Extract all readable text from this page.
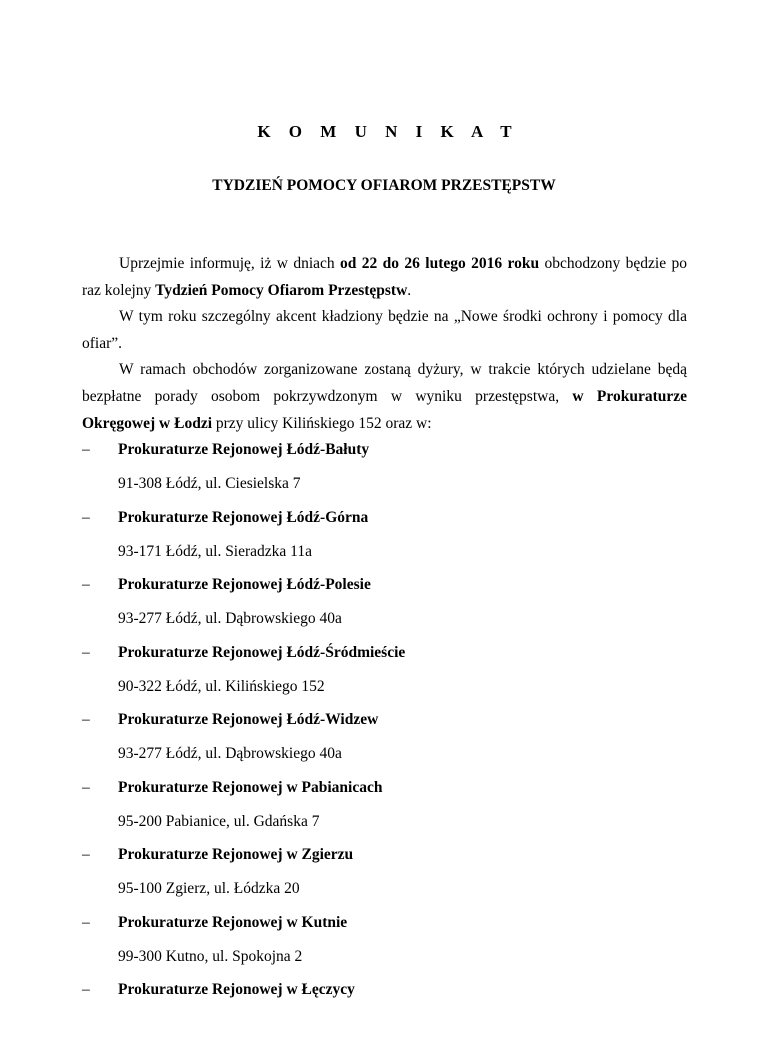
K O M U N I K A T
TYDZIEŃ POMOCY OFIAROM PRZESTĘPSTW

Uprzejmie informuję, iż w dniach od 22 do 26 lutego 2016 roku obchodzony będzie po raz kolejny Tydzień Pomocy Ofiarom Przestępstw.

W tym roku szczególny akcent kładziony będzie na „Nowe środki ochrony i pomocy dla ofiar”.

W ramach obchodów zorganizowane zostaną dyżury, w trakcie których udzielane będą bezpłatne porady osobom pokrzywdzonym w wyniku przestępstwa, w Prokuraturze Okręgowej w Łodzi przy ulicy Kilińskiego 152 oraz w:

– Prokuraturze Rejonowej Łódź-Bałuty
91-308 Łódź, ul. Ciesielska 7
– Prokuraturze Rejonowej Łódź-Górna
93-171 Łódź, ul. Sieradzka 11a
– Prokuraturze Rejonowej Łódź-Polesie
93-277 Łódź, ul. Dąbrowskiego 40a
– Prokuraturze Rejonowej Łódź-Śródmieście
90-322 Łódź, ul. Kilińskiego 152
– Prokuraturze Rejonowej Łódź-Widzew
93-277 Łódź, ul. Dąbrowskiego 40a
– Prokuraturze Rejonowej w Pabianicach
95-200 Pabianice, ul. Gdańska 7
– Prokuraturze Rejonowej w Zgierzu
95-100 Zgierz, ul. Łódzka 20
– Prokuraturze Rejonowej w Kutnie
99-300 Kutno, ul. Spokojna 2
– Prokuraturze Rejonowej w Łęczycy
